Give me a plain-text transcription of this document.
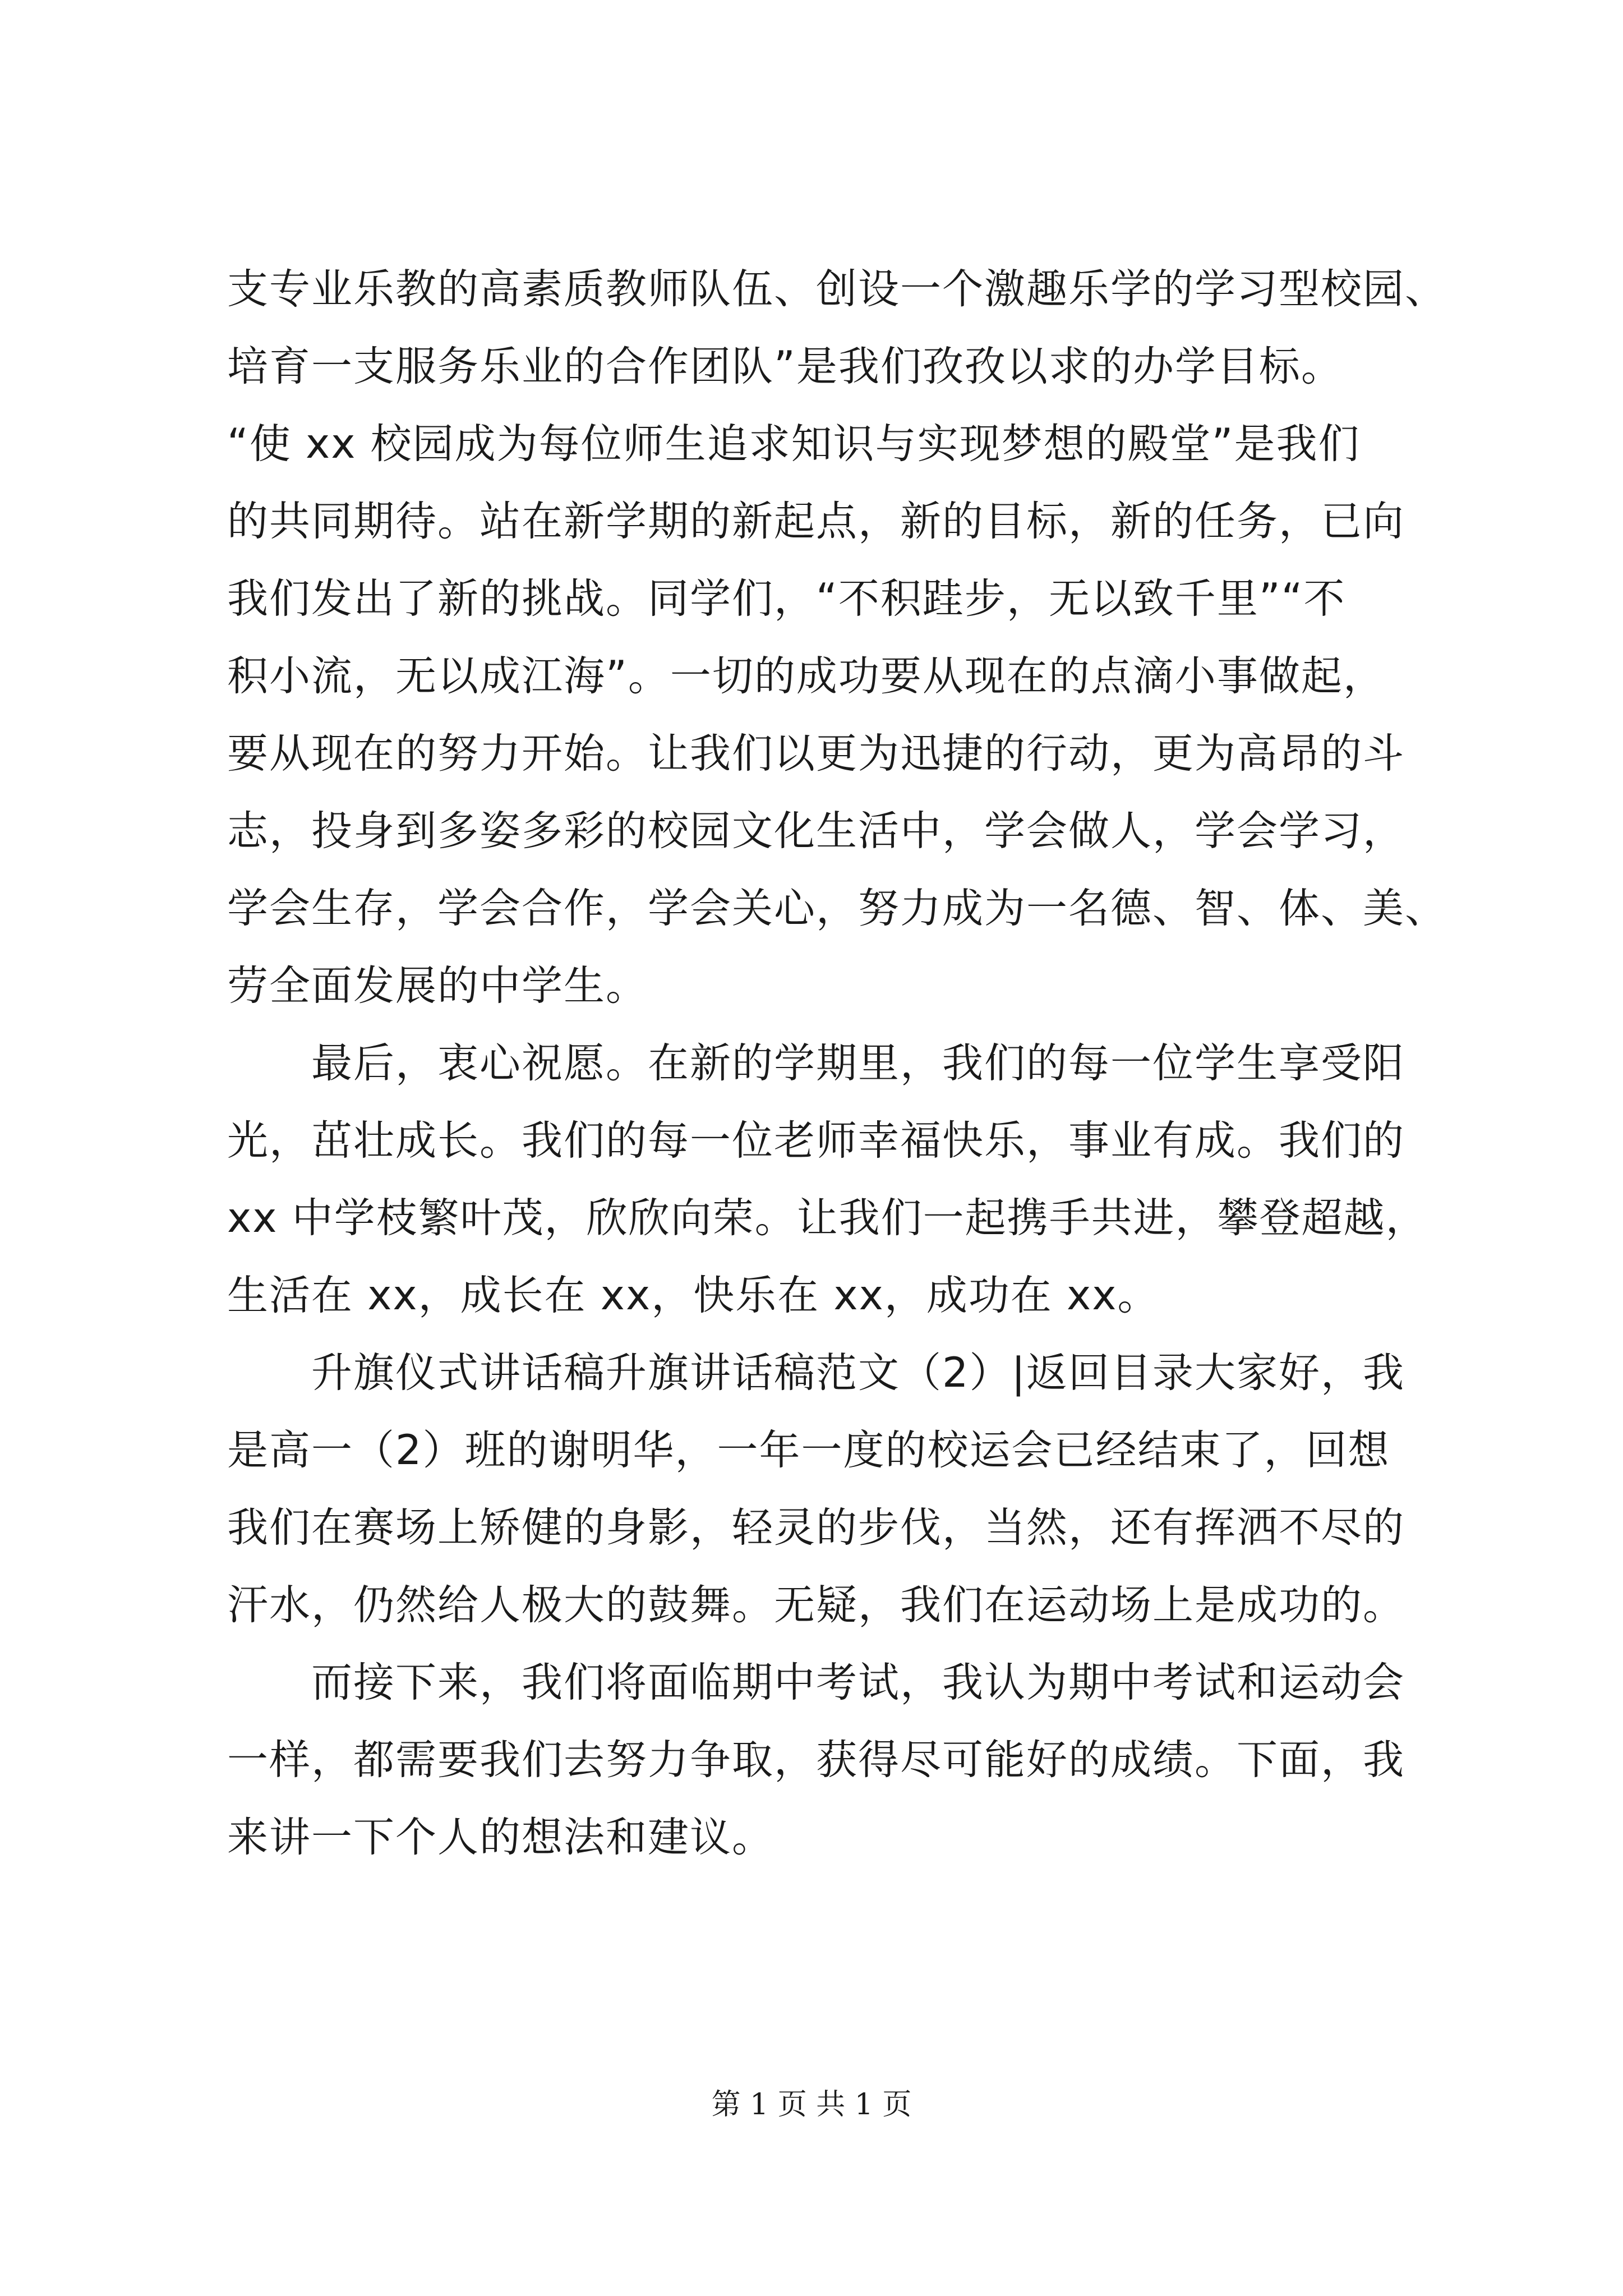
支专业乐教的高素质教师队伍、创设一个激趣乐学的学习型校园、
培育一支服务乐业的合作团队”是我们孜孜以求的办学目标。
“使 xx 校园成为每位师生追求知识与实现梦想的殿堂”是我们
的共同期待。站在新学期的新起点，新的目标，新的任务，已向
我们发出了新的挑战。同学们，“不积跬步，无以致千里”“不
积小流，无以成江海”。一切的成功要从现在的点滴小事做起，
要从现在的努力开始。让我们以更为迅捷的行动，更为高昂的斗
志，投身到多姿多彩的校园文化生活中，学会做人，学会学习，
学会生存，学会合作，学会关心，努力成为一名德、智、体、美、
劳全面发展的中学生。
　　最后，衷心祝愿。在新的学期里，我们的每一位学生享受阳
光，茁壮成长。我们的每一位老师幸福快乐，事业有成。我们的
xx 中学枝繁叶茂，欣欣向荣。让我们一起携手共进，攀登超越，
生活在 xx，成长在 xx，快乐在 xx，成功在 xx。
　　升旗仪式讲话稿升旗讲话稿范文（2）|返回目录大家好，我
是高一（2）班的谢明华，一年一度的校运会已经结束了，回想
我们在赛场上矫健的身影，轻灵的步伐，当然，还有挥洒不尽的
汗水，仍然给人极大的鼓舞。无疑，我们在运动场上是成功的。
　　而接下来，我们将面临期中考试，我认为期中考试和运动会
一样，都需要我们去努力争取，获得尽可能好的成绩。下面，我
来讲一下个人的想法和建议。
第 1 页 共 1 页
